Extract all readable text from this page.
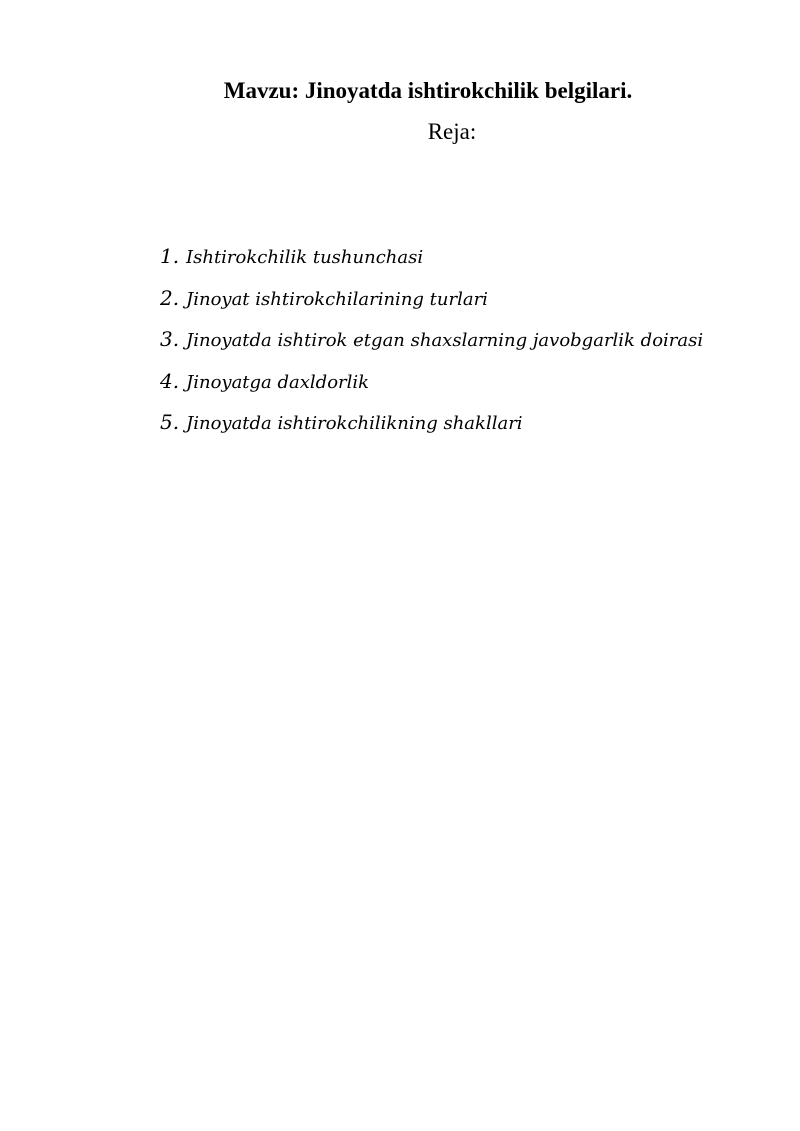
Mavzu: Jinoyatda ishtirokchilik belgilari.
Reja:
1. Ishtirokchilik tushunchasi
2. Jinoyat ishtirokchilarining turlari
3. Jinoyatda ishtirok etgan shaxslarning javobgarlik doirasi
4. Jinoyatga daxldorlik
5. Jinoyatda ishtirokchilikning shakllari
